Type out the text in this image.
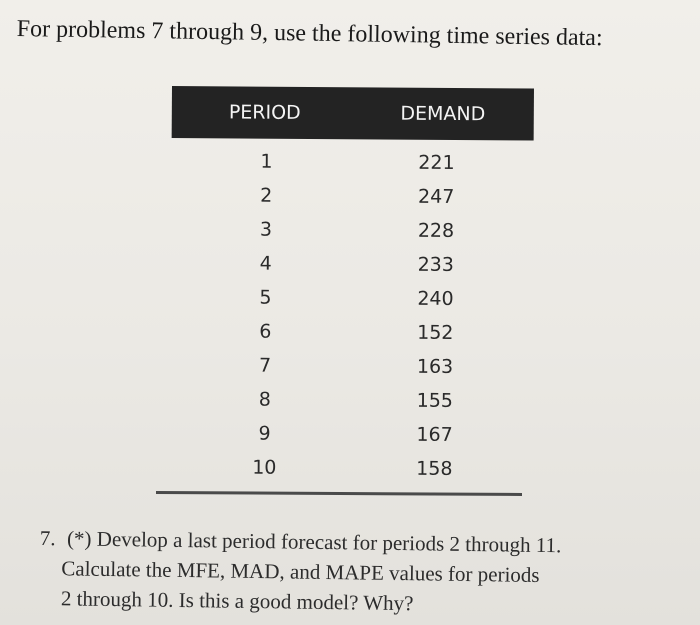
For problems 7 through 9, use the following time series data:
PERIOD	DEMAND
1	221
2	247
3	228
4	233
5	240
6	152
7	163
8	155
9	167
10	158
7. (*) Develop a last period forecast for periods 2 through 11.
Calculate the MFE, MAD, and MAPE values for periods
2 through 10. Is this a good model? Why?
